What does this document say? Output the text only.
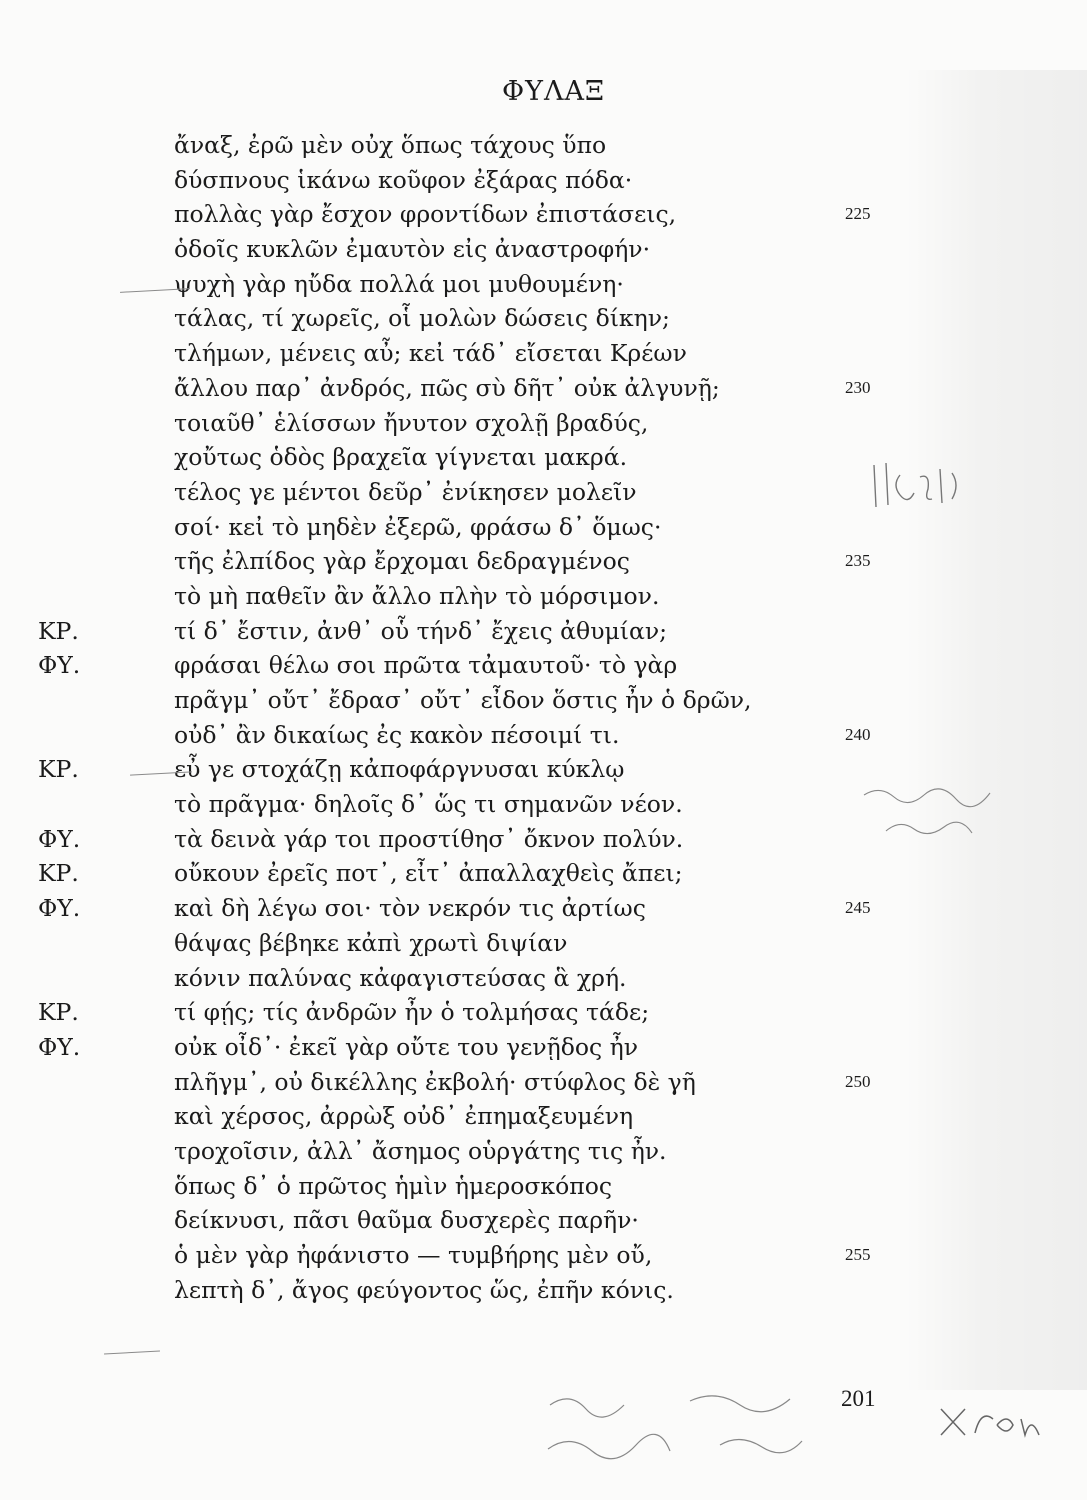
ΦΥΛΑΞ
ἄναξ, ἐρῶ μὲν οὐχ ὅπως τάχους ὕπο
δύσπνους ἱκάνω κοῦφον ἐξάρας πόδα·
πολλὰς γὰρ ἔσχον φροντίδων ἐπιστάσεις,	225
ὁδοῖς κυκλῶν ἐμαυτὸν εἰς ἀναστροφήν·
ψυχὴ γὰρ ηὔδα πολλά μοι μυθουμένη·
τάλας, τί χωρεῖς, οἷ μολὼν δώσεις δίκην;
τλήμων, μένεις αὖ; κεἰ τάδ᾽ εἴσεται Κρέων
ἄλλου παρ᾽ ἀνδρός, πῶς σὺ δῆτ᾽ οὐκ ἀλγυνῇ;	230
τοιαῦθ᾽ ἑλίσσων ἤνυτον σχολῇ βραδύς,
χοὔτως ὁδὸς βραχεῖα γίγνεται μακρά.
τέλος γε μέντοι δεῦρ᾽ ἐνίκησεν μολεῖν
σοί· κεἰ τὸ μηδὲν ἐξερῶ, φράσω δ᾽ ὅμως·
τῆς ἐλπίδος γὰρ ἔρχομαι δεδραγμένος	235
τὸ μὴ παθεῖν ἂν ἄλλο πλὴν τὸ μόρσιμον.
ΚΡ.	τί δ᾽ ἔστιν, ἀνθ᾽ οὗ τήνδ᾽ ἔχεις ἀθυμίαν;
ΦΥ.	φράσαι θέλω σοι πρῶτα τἀμαυτοῦ· τὸ γὰρ
πρᾶγμ᾽ οὔτ᾽ ἔδρασ᾽ οὔτ᾽ εἶδον ὅστις ἦν ὁ δρῶν,
οὐδ᾽ ἂν δικαίως ἐς κακὸν πέσοιμί τι.	240
ΚΡ.	εὖ γε στοχάζῃ κἀποφάργνυσαι κύκλῳ
τὸ πρᾶγμα· δηλοῖς δ᾽ ὥς τι σημανῶν νέον.
ΦΥ.	τὰ δεινὰ γάρ τοι προστίθησ᾽ ὄκνον πολύν.
ΚΡ.	οὔκουν ἐρεῖς ποτ᾽, εἶτ᾽ ἀπαλλαχθεὶς ἄπει;
ΦΥ.	καὶ δὴ λέγω σοι· τὸν νεκρόν τις ἀρτίως	245
θάψας βέβηκε κἀπὶ χρωτὶ διψίαν
κόνιν παλύνας κἀφαγιστεύσας ἃ χρή.
ΚΡ.	τί φῄς; τίς ἀνδρῶν ἦν ὁ τολμήσας τάδε;
ΦΥ.	οὐκ οἶδ᾽· ἐκεῖ γὰρ οὔτε του γενῇδος ἦν
πλῆγμ᾽, οὐ δικέλλης ἐκβολή· στύφλος δὲ γῆ	250
καὶ χέρσος, ἀρρὼξ οὐδ᾽ ἐπημαξευμένη
τροχοῖσιν, ἀλλ᾽ ἄσημος οὑργάτης τις ἦν.
ὅπως δ᾽ ὁ πρῶτος ἡμὶν ἡμεροσκόπος
δείκνυσι, πᾶσι θαῦμα δυσχερὲς παρῆν·
ὁ μὲν γὰρ ἠφάνιστο — τυμβήρης μὲν οὔ,	255
λεπτὴ δ᾽, ἄγος φεύγοντος ὥς, ἐπῆν κόνις.
201
